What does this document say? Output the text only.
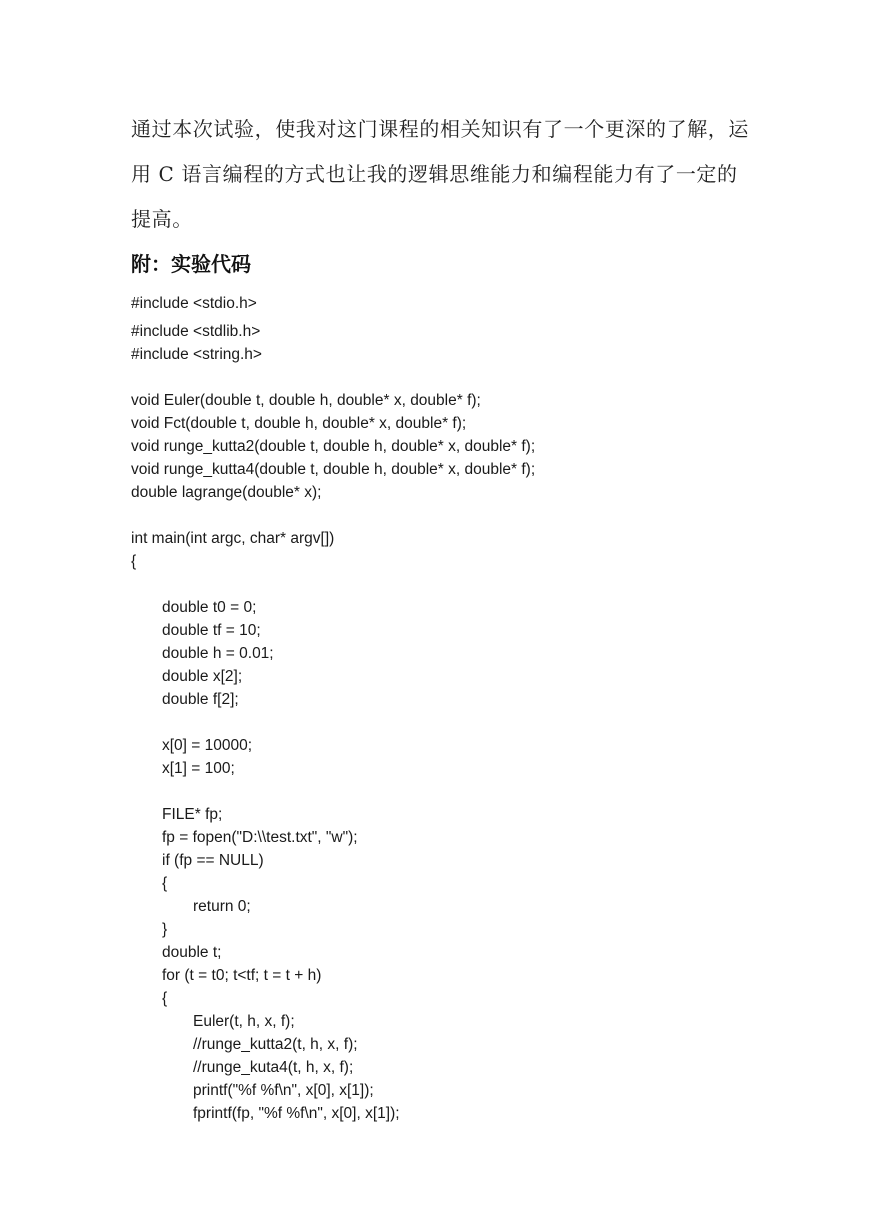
通过本次试验，使我对这门课程的相关知识有了一个更深的了解，运
用 C 语言编程的方式也让我的逻辑思维能力和编程能力有了一定的
提高。
附：实验代码
#include <stdio.h>
#include <stdlib.h>
#include <string.h>
void Euler(double t, double h, double* x, double* f);
void Fct(double t, double h, double* x, double* f);
void runge_kutta2(double t, double h, double* x, double* f);
void runge_kutta4(double t, double h, double* x, double* f);
double lagrange(double* x);
int main(int argc, char* argv[])
{
double t0 = 0;
double tf = 10;
double h = 0.01;
double x[2];
double f[2];
x[0] = 10000;
x[1] = 100;
FILE* fp;
fp = fopen("D:\\test.txt", "w");
if (fp == NULL)
{
return 0;
}
double t;
for (t = t0; t<tf; t = t + h)
{
Euler(t, h, x, f);
//runge_kutta2(t, h, x, f);
//runge_kuta4(t, h, x, f);
printf("%f %f\n", x[0], x[1]);
fprintf(fp, "%f %f\n", x[0], x[1]);
